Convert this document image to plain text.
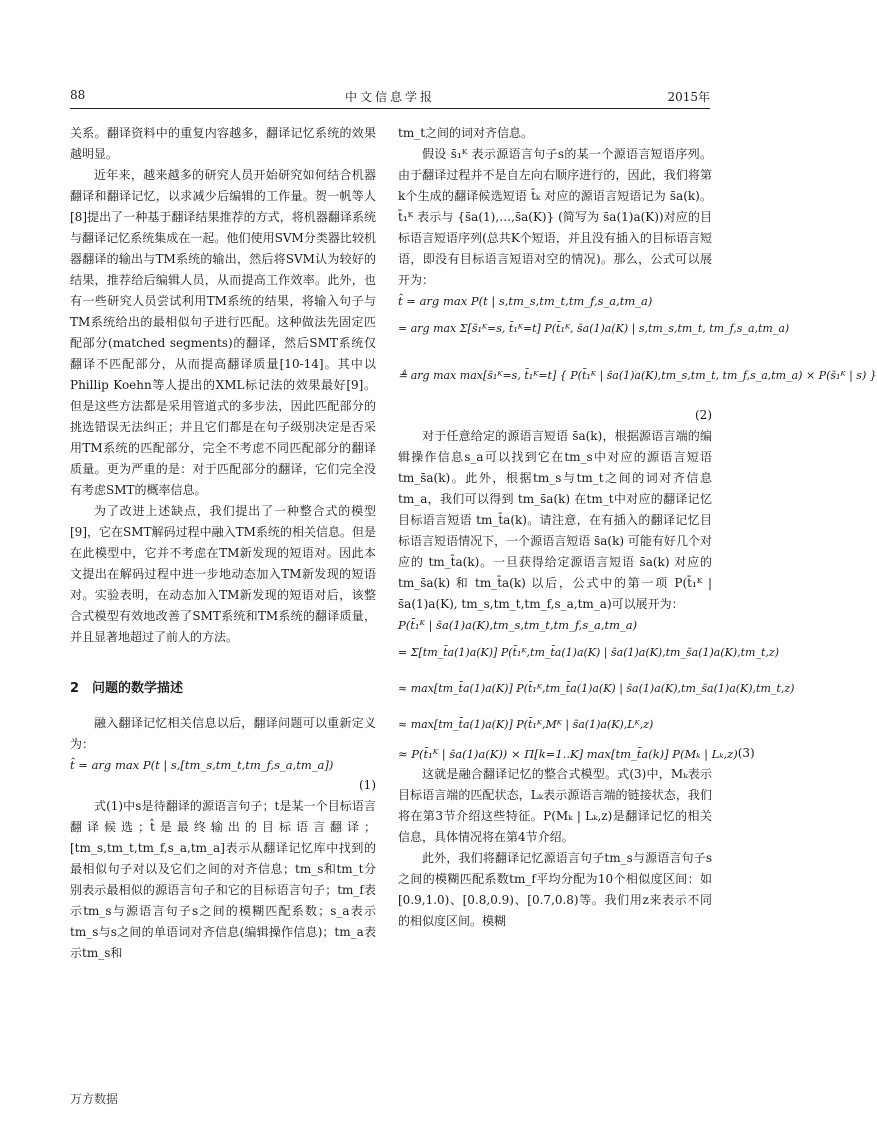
88	中文信息学报	2015年

关系。翻译资料中的重复内容越多，翻译记忆系统的效果越明显。

近年来，越来越多的研究人员开始研究如何结合机器翻译和翻译记忆，以求减少后编辑的工作量。贺一帆等人[8]提出了一种基于翻译结果推荐的方式，将机器翻译系统与翻译记忆系统集成在一起。他们使用SVM分类器比较机器翻译的输出与TM系统的输出，然后将SVM认为较好的结果，推荐给后编辑人员，从而提高工作效率。此外，也有一些研究人员尝试利用TM系统的结果，将输入句子与TM系统给出的最相似句子进行匹配。这种做法先固定匹配部分(matched segments)的翻译，然后SMT系统仅翻译不匹配部分，从而提高翻译质量[10-14]。其中以Phillip Koehn等人提出的XML标记法的效果最好[9]。但是这些方法都是采用管道式的多步法，因此匹配部分的挑选错误无法纠正；并且它们都是在句子级别决定是否采用TM系统的匹配部分，完全不考虑不同匹配部分的翻译质量。更为严重的是：对于匹配部分的翻译，它们完全没有考虑SMT的概率信息。

为了改进上述缺点，我们提出了一种整合式的模型[9]，它在SMT解码过程中融入TM系统的相关信息。但是在此模型中，它并不考虑在TM新发现的短语对。因此本文提出在解码过程中进一步地动态加入TM新发现的短语对。实验表明，在动态加入TM新发现的短语对后，该整合式模型有效地改善了SMT系统和TM系统的翻译质量，并且显著地超过了前人的方法。

2　问题的数学描述

融入翻译记忆相关信息以后，翻译问题可以重新定义为：

t̂ = arg max P(t | s,[tm_s,tm_t,tm_f,s_a,tm_a])
(1)

式(1)中s是待翻译的源语言句子；t是某一个目标语言翻译候选；t̂是最终输出的目标语言翻译；[tm_s,tm_t,tm_f,s_a,tm_a]表示从翻译记忆库中找到的最相似句子对以及它们之间的对齐信息；tm_s和tm_t分别表示最相似的源语言句子和它的目标语言句子；tm_f表示tm_s与源语言句子s之间的模糊匹配系数；s_a表示tm_s与s之间的单语词对齐信息(编辑操作信息)；tm_a表示tm_s和

tm_t之间的词对齐信息。

假设 s̄₁ᴷ 表示源语言句子s的某一个源语言短语序列。由于翻译过程并不是自左向右顺序进行的，因此，我们将第k个生成的翻译候选短语 t̄ₖ 对应的源语言短语记为 s̄a(k)。t̄₁ᴷ 表示与 {s̄a(1),…,s̄a(K)} (简写为 s̄a(1)a(K))对应的目标语言短语序列(总共K个短语，并且没有插入的目标语言短语，即没有目标语言短语对空的情况)。那么，公式可以展开为：

t̂ = arg max P(t | s,tm_s,tm_t,tm_f,s_a,tm_a)
= arg max Σ[s̄₁ᴷ=s, t̄₁ᴷ=t] P(t̄₁ᴷ, s̄a(1)a(K) | s,tm_s,tm_t, tm_f,s_a,tm_a)
≜ arg max max[s̄₁ᴷ=s, t̄₁ᴷ=t] { P(t̄₁ᴷ | s̄a(1)a(K),tm_s,tm_t, tm_f,s_a,tm_a) × P(s̄₁ᴷ | s) }
(2)

对于任意给定的源语言短语 s̄a(k)，根据源语言端的编辑操作信息s_a可以找到它在tm_s中对应的源语言短语 tm_s̄a(k)。此外，根据tm_s与tm_t之间的词对齐信息tm_a，我们可以得到 tm_s̄a(k) 在tm_t中对应的翻译记忆目标语言短语 tm_t̄a(k)。请注意，在有插入的翻译记忆目标语言短语情况下，一个源语言短语 s̄a(k) 可能有好几个对应的 tm_t̄a(k)。一旦获得给定源语言短语 s̄a(k) 对应的 tm_s̄a(k) 和 tm_t̄a(k) 以后，公式中的第一项 P(t̄₁ᴷ | s̄a(1)a(K), tm_s,tm_t,tm_f,s_a,tm_a)可以展开为：

P(t̄₁ᴷ | s̄a(1)a(K),tm_s,tm_t,tm_f,s_a,tm_a)
= Σ[tm_t̄a(1)a(K)] P(t̄₁ᴷ,tm_t̄a(1)a(K) | s̄a(1)a(K),tm_s̄a(1)a(K),tm_t,z)
≈ max[tm_t̄a(1)a(K)] P(t̄₁ᴷ,tm_t̄a(1)a(K) | s̄a(1)a(K),tm_s̄a(1)a(K),tm_t,z)
≈ max[tm_t̄a(1)a(K)] P(t̄₁ᴷ,Mᴷ | s̄a(1)a(K),Lᴷ,z)
≈ P(t̄₁ᴷ | s̄a(1)a(K)) × Π[k=1..K] max[tm_t̄a(k)] P(Mₖ | Lₖ,z) (3)

这就是融合翻译记忆的整合式模型。式(3)中，Mₖ表示目标语言端的匹配状态，Lₖ表示源语言端的链接状态，我们将在第3节介绍这些特征。P(Mₖ | Lₖ,z)是翻译记忆的相关信息，具体情况将在第4节介绍。

此外，我们将翻译记忆源语言句子tm_s与源语言句子s之间的模糊匹配系数tm_f平均分配为10个相似度区间：如[0.9,1.0)、[0.8,0.9)、[0.7,0.8)等。我们用z来表示不同的相似度区间。模糊

万方数据
